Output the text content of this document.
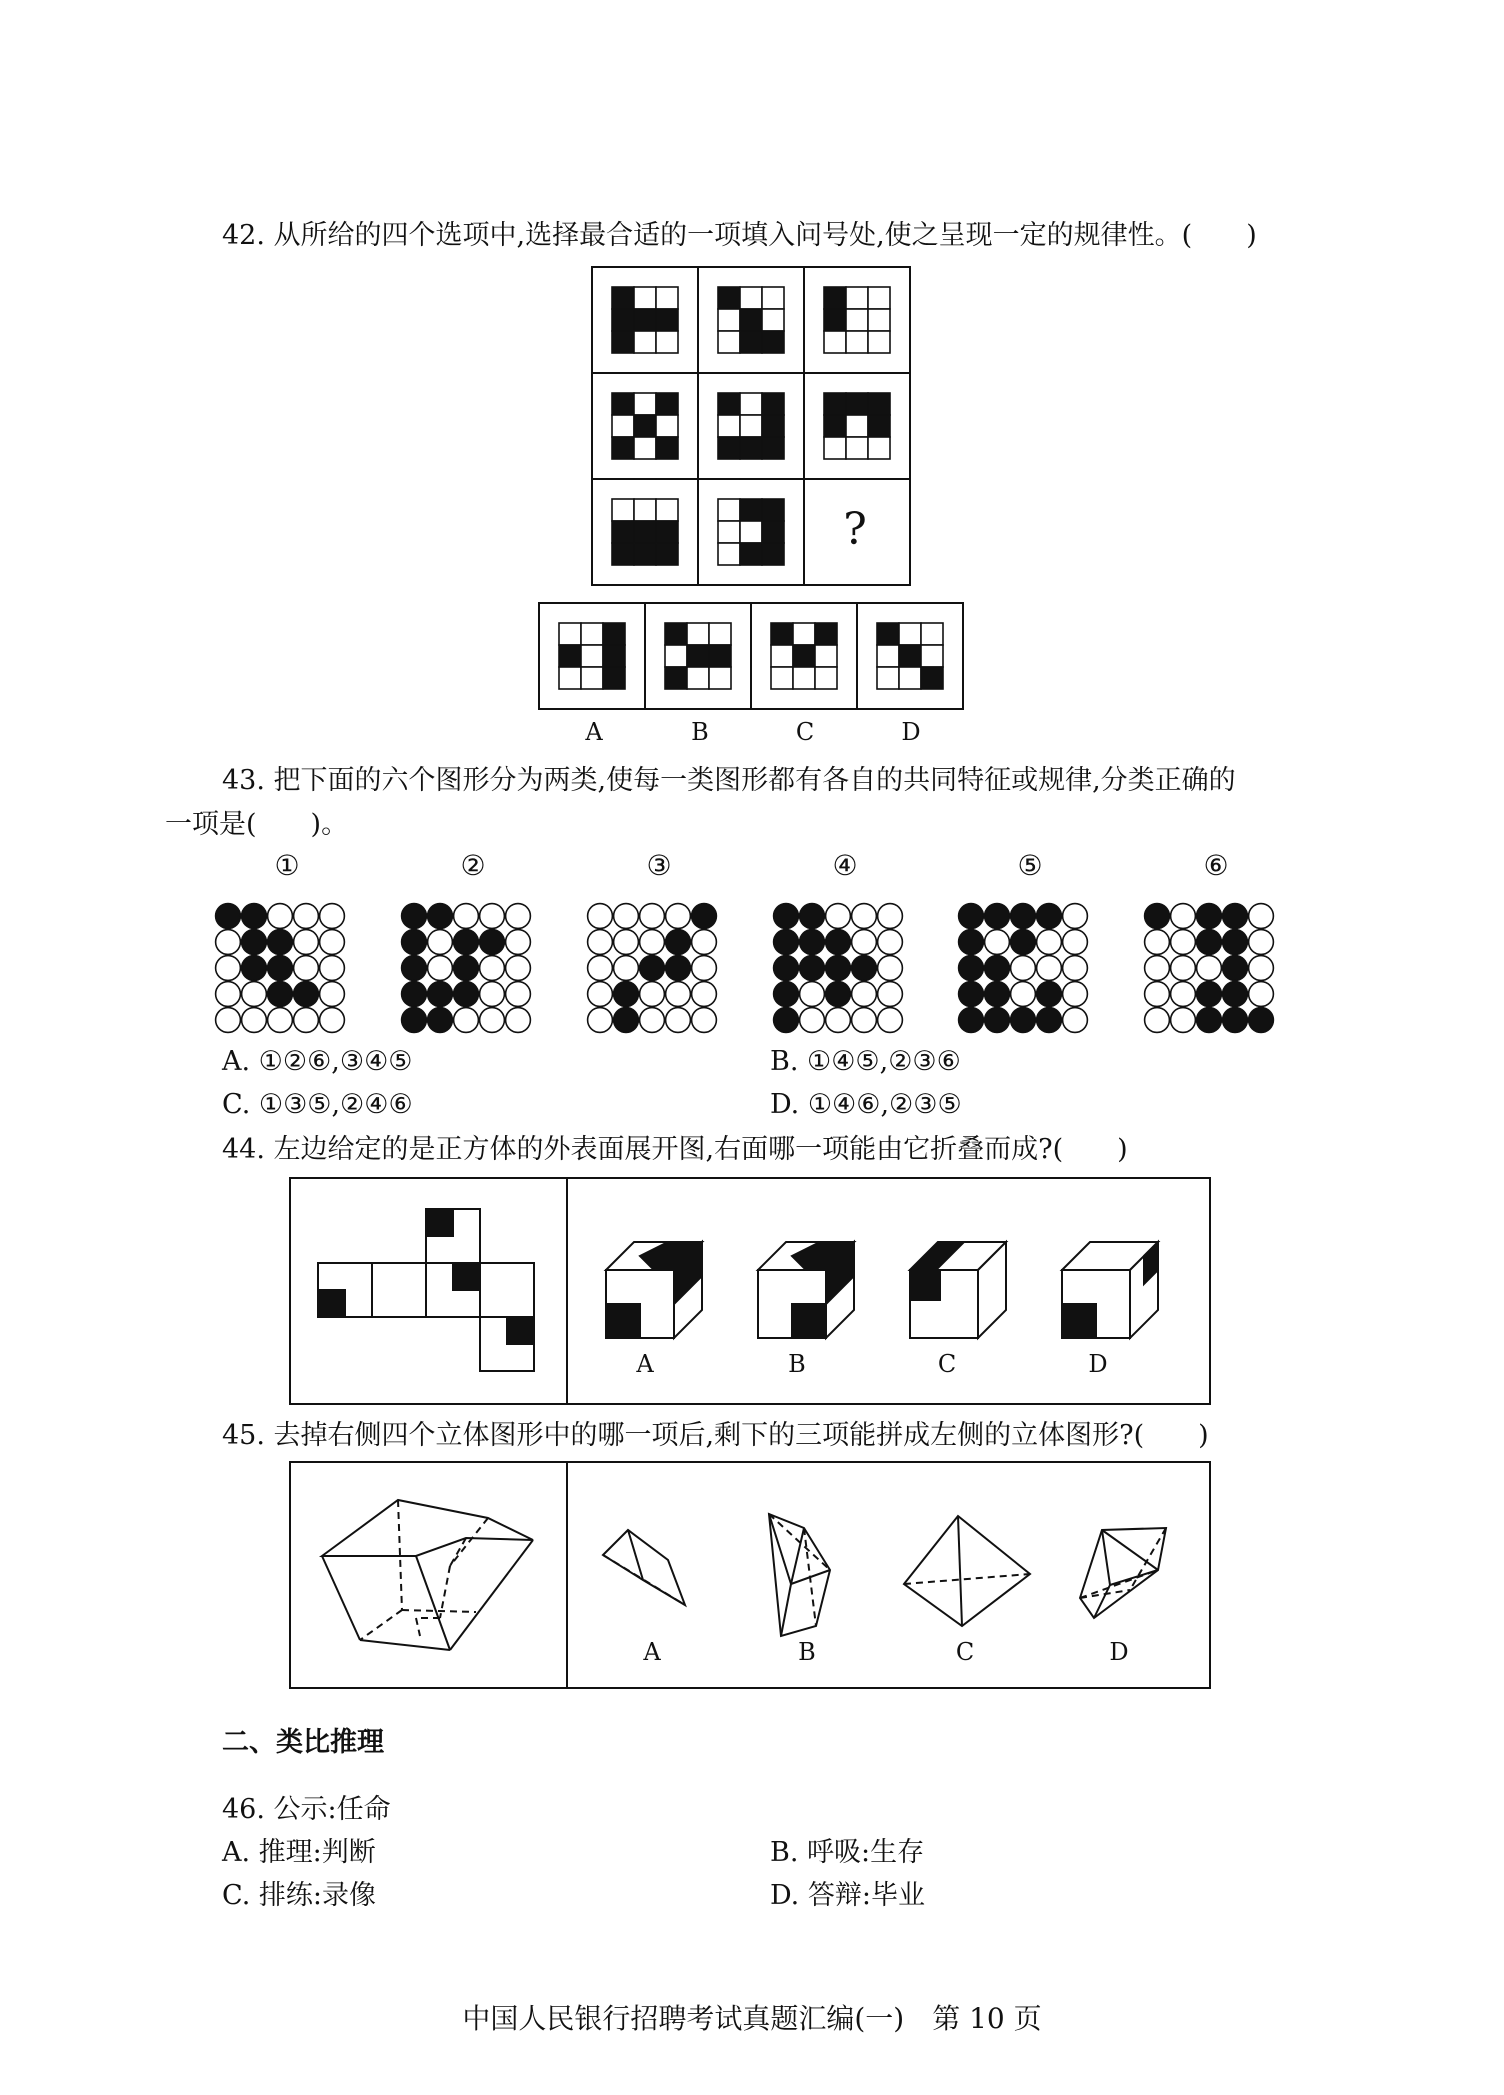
42. 从所给的四个选项中,选择最合适的一项填入问号处,使之呈现一定的规律性。(　　)
?
A	B	C	D
43. 把下面的六个图形分为两类,使每一类图形都有各自的共同特征或规律,分类正确的
一项是(　　)。
①	②	③	④	⑤	⑥
A. ①②⑥,③④⑤	B. ①④⑤,②③⑥
C. ①③⑤,②④⑥	D. ①④⑥,②③⑤
44. 左边给定的是正方体的外表面展开图,右面哪一项能由它折叠而成?(　　)
A	B	C	D
45. 去掉右侧四个立体图形中的哪一项后,剩下的三项能拼成左侧的立体图形?(　　)
A	B	C	D
二、类比推理
46. 公示:任命
A. 推理:判断	B. 呼吸:生存
C. 排练:录像	D. 答辩:毕业
中国人民银行招聘考试真题汇编(一)　第 10 页
